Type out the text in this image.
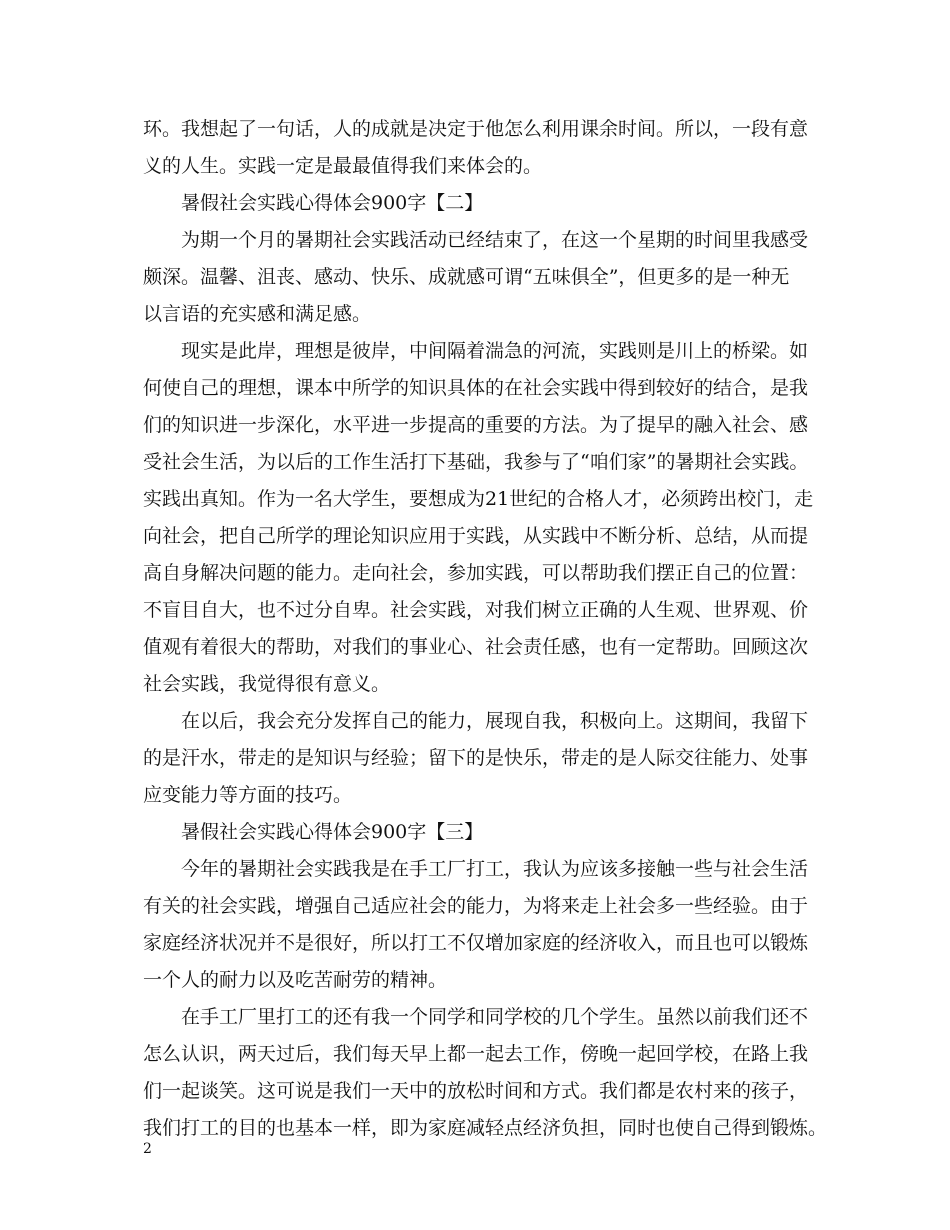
环。我想起了一句话，人的成就是决定于他怎么利用课余时间。所以，一段有意
义的人生。实践一定是最最值得我们来体会的。
暑假社会实践心得体会900字【二】
为期一个月的暑期社会实践活动已经结束了，在这一个星期的时间里我感受
颇深。温馨、沮丧、感动、快乐、成就感可谓“五味俱全”，但更多的是一种无
以言语的充实感和满足感。
现实是此岸，理想是彼岸，中间隔着湍急的河流，实践则是川上的桥梁。如
何使自己的理想，课本中所学的知识具体的在社会实践中得到较好的结合，是我
们的知识进一步深化，水平进一步提高的重要的方法。为了提早的融入社会、感
受社会生活，为以后的工作生活打下基础，我参与了“咱们家”的暑期社会实践。
实践出真知。作为一名大学生，要想成为21世纪的合格人才，必须跨出校门，走
向社会，把自己所学的理论知识应用于实践，从实践中不断分析、总结，从而提
高自身解决问题的能力。走向社会，参加实践，可以帮助我们摆正自己的位置：
不盲目自大，也不过分自卑。社会实践，对我们树立正确的人生观、世界观、价
值观有着很大的帮助，对我们的事业心、社会责任感，也有一定帮助。回顾这次
社会实践，我觉得很有意义。
在以后，我会充分发挥自己的能力，展现自我，积极向上。这期间，我留下
的是汗水，带走的是知识与经验；留下的是快乐，带走的是人际交往能力、处事
应变能力等方面的技巧。
暑假社会实践心得体会900字【三】
今年的暑期社会实践我是在手工厂打工，我认为应该多接触一些与社会生活
有关的社会实践，增强自己适应社会的能力，为将来走上社会多一些经验。由于
家庭经济状况并不是很好，所以打工不仅增加家庭的经济收入，而且也可以锻炼
一个人的耐力以及吃苦耐劳的精神。
在手工厂里打工的还有我一个同学和同学校的几个学生。虽然以前我们还不
怎么认识，两天过后，我们每天早上都一起去工作，傍晚一起回学校，在路上我
们一起谈笑。这可说是我们一天中的放松时间和方式。我们都是农村来的孩子，
我们打工的目的也基本一样，即为家庭减轻点经济负担，同时也使自己得到锻炼。
2
